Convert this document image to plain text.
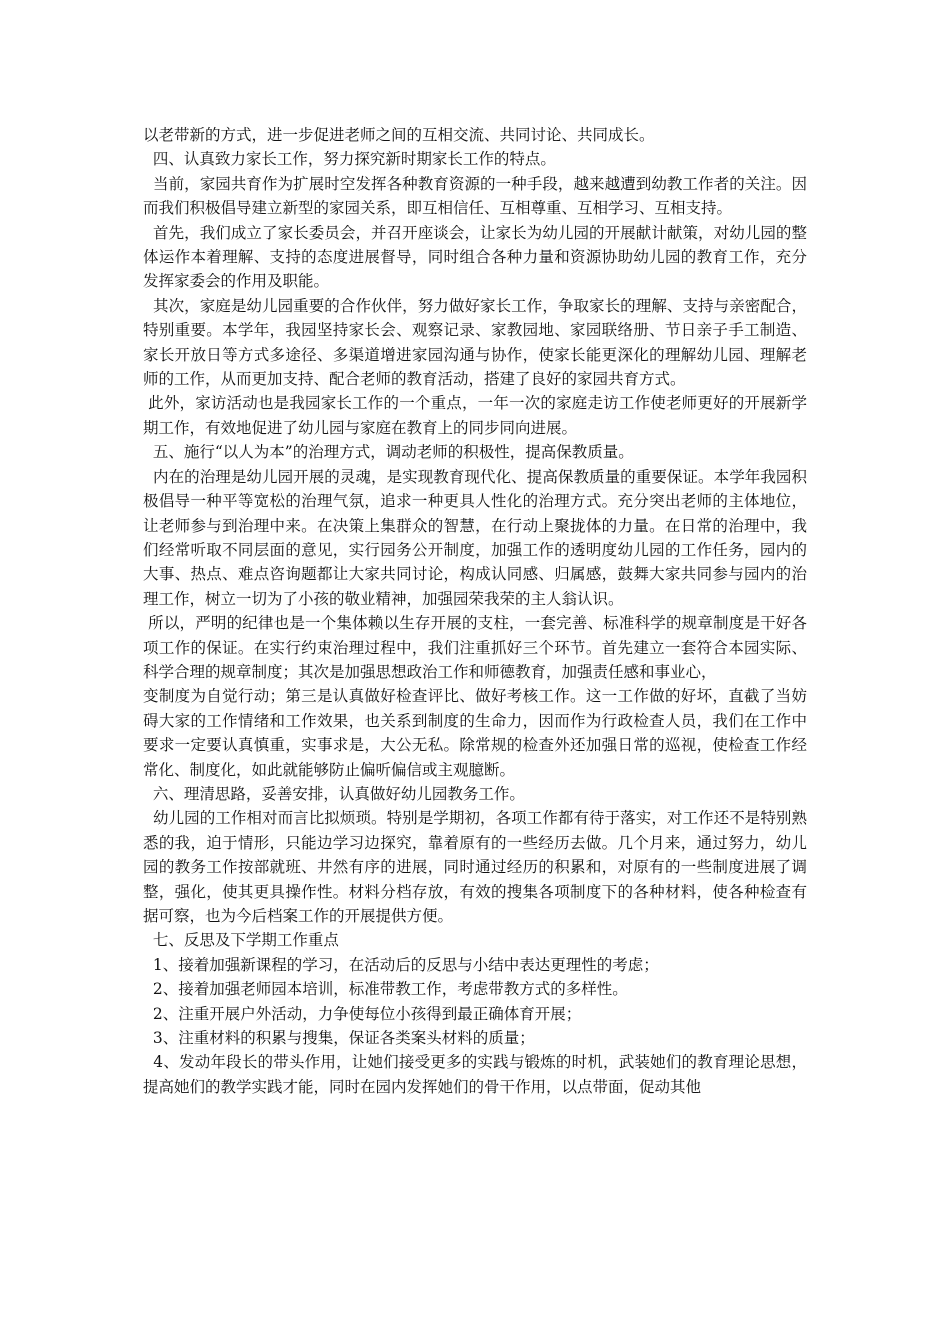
以老带新的方式，进一步促进老师之间的互相交流、共同讨论、共同成长。

四、认真致力家长工作，努力探究新时期家长工作的特点。

当前，家园共育作为扩展时空发挥各种教育资源的一种手段，越来越遭到幼教工作者的关注。因而我们积极倡导建立新型的家园关系，即互相信任、互相尊重、互相学习、互相支持。

首先，我们成立了家长委员会，并召开座谈会，让家长为幼儿园的开展献计献策，对幼儿园的整体运作本着理解、支持的态度进展督导，同时组合各种力量和资源协助幼儿园的教育工作，充分发挥家委会的作用及职能。

其次，家庭是幼儿园重要的合作伙伴，努力做好家长工作，争取家长的理解、支持与亲密配合，特别重要。本学年，我园坚持家长会、观察记录、家教园地、家园联络册、节日亲子手工制造、家长开放日等方式多途径、多渠道增进家园沟通与协作，使家长能更深化的理解幼儿园、理解老师的工作，从而更加支持、配合老师的教育活动，搭建了良好的家园共育方式。

此外，家访活动也是我园家长工作的一个重点，一年一次的家庭走访工作使老师更好的开展新学期工作，有效地促进了幼儿园与家庭在教育上的同步同向进展。

五、施行“以人为本”的治理方式，调动老师的积极性，提高保教质量。

内在的治理是幼儿园开展的灵魂，是实现教育现代化、提高保教质量的重要保证。本学年我园积极倡导一种平等宽松的治理气氛，追求一种更具人性化的治理方式。充分突出老师的主体地位，让老师参与到治理中来。在决策上集群众的智慧，在行动上聚拢体的力量。在日常的治理中，我们经常听取不同层面的意见，实行园务公开制度，加强工作的透明度幼儿园的工作任务，园内的大事、热点、难点咨询题都让大家共同讨论，构成认同感、归属感，鼓舞大家共同参与园内的治理工作，树立一切为了小孩的敬业精神，加强园荣我荣的主人翁认识。

所以，严明的纪律也是一个集体赖以生存开展的支柱，一套完善、标准科学的规章制度是干好各项工作的保证。在实行约束治理过程中，我们注重抓好三个环节。首先建立一套符合本园实际、科学合理的规章制度；其次是加强思想政治工作和师德教育，加强责任感和事业心，

变制度为自觉行动；第三是认真做好检查评比、做好考核工作。这一工作做的好坏，直截了当妨碍大家的工作情绪和工作效果，也关系到制度的生命力，因而作为行政检查人员，我们在工作中要求一定要认真慎重，实事求是，大公无私。除常规的检查外还加强日常的巡视，使检查工作经常化、制度化，如此就能够防止偏听偏信或主观臆断。

六、理清思路，妥善安排，认真做好幼儿园教务工作。

幼儿园的工作相对而言比拟烦琐。特别是学期初，各项工作都有待于落实，对工作还不是特别熟悉的我，迫于情形，只能边学习边探究，靠着原有的一些经历去做。几个月来，通过努力，幼儿园的教务工作按部就班、井然有序的进展，同时通过经历的积累和，对原有的一些制度进展了调整，强化，使其更具操作性。材料分档存放，有效的搜集各项制度下的各种材料，使各种检查有据可察，也为今后档案工作的开展提供方便。

七、反思及下学期工作重点

1、接着加强新课程的学习，在活动后的反思与小结中表达更理性的考虑；

2、接着加强老师园本培训，标准带教工作，考虑带教方式的多样性。

2、注重开展户外活动，力争使每位小孩得到最正确体育开展；

3、注重材料的积累与搜集，保证各类案头材料的质量；

4、发动年段长的带头作用，让她们接受更多的实践与锻炼的时机，武装她们的教育理论思想，提高她们的教学实践才能，同时在园内发挥她们的骨干作用，以点带面，促动其他
